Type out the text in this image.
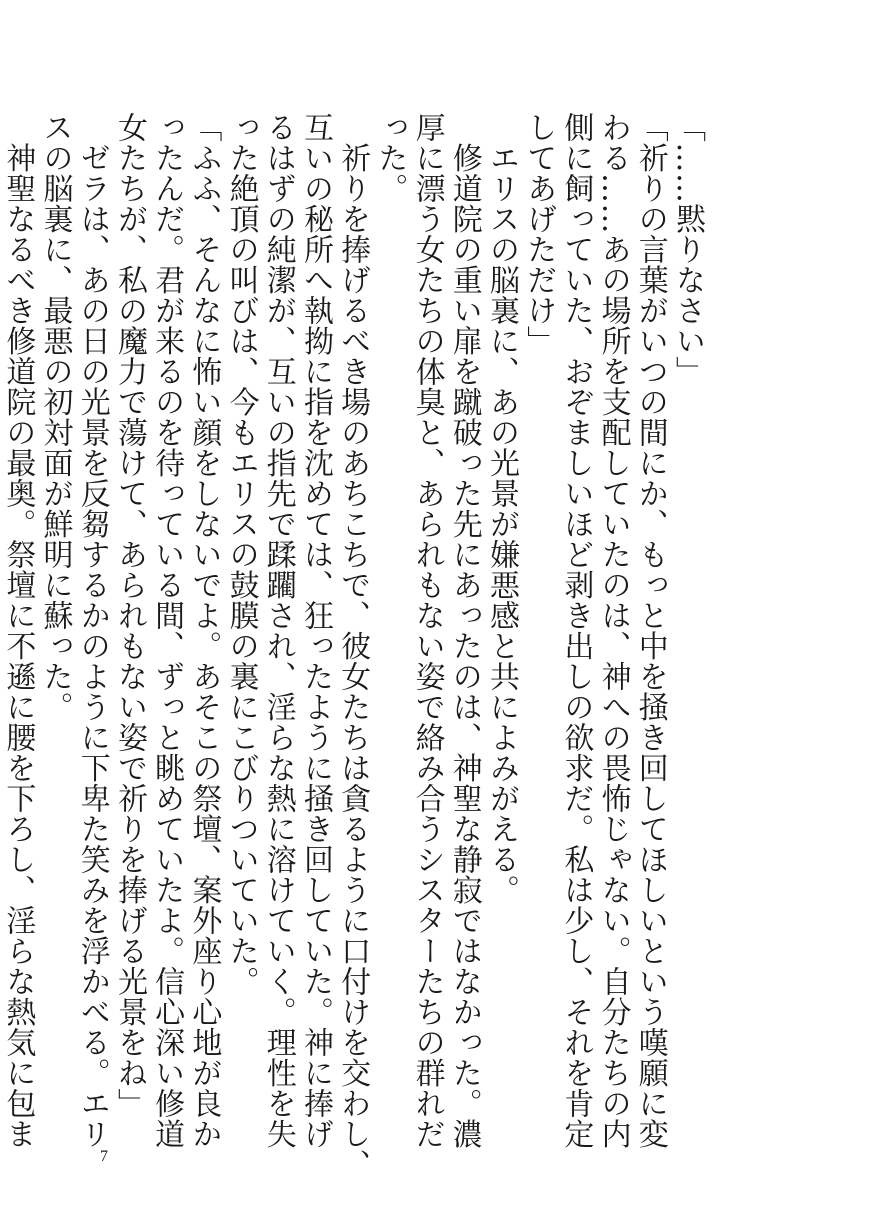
「……黙りなさい」
「祈りの言葉がいつの間にか、もっと中を掻き回してほしいという嘆願に変
わる……あの場所を支配していたのは、神への畏怖じゃない。自分たちの内
側に飼っていた、おぞましいほど剥き出しの欲求だ。私は少し、それを肯定
してあげただけ」
　エリスの脳裏に、あの光景が嫌悪感と共によみがえる。
　修道院の重い扉を蹴破った先にあったのは、神聖な静寂ではなかった。濃
厚に漂う女たちの体臭と、あられもない姿で絡み合うシスターたちの群れだ
った。
　祈りを捧げるべき場のあちこちで、彼女たちは貪るように口付けを交わし、
互いの秘所へ執拗に指を沈めては、狂ったように掻き回していた。神に捧げ
るはずの純潔が、互いの指先で蹂躙され、淫らな熱に溶けていく。理性を失
った絶頂の叫びは、今もエリスの鼓膜の裏にこびりついていた。
「ふふ、そんなに怖い顔をしないでよ。あそこの祭壇、案外座り心地が良か
ったんだ。君が来るのを待っている間、ずっと眺めていたよ。信心深い修道
女たちが、私の魔力で蕩けて、あられもない姿で祈りを捧げる光景をね」
　ゼラは、あの日の光景を反芻するかのように下卑た笑みを浮かべる。エリ
スの脳裏に、最悪の初対面が鮮明に蘇った。
　神聖なるべき修道院の最奥。祭壇に不遜に腰を下ろし、淫らな熱気に包ま
7
